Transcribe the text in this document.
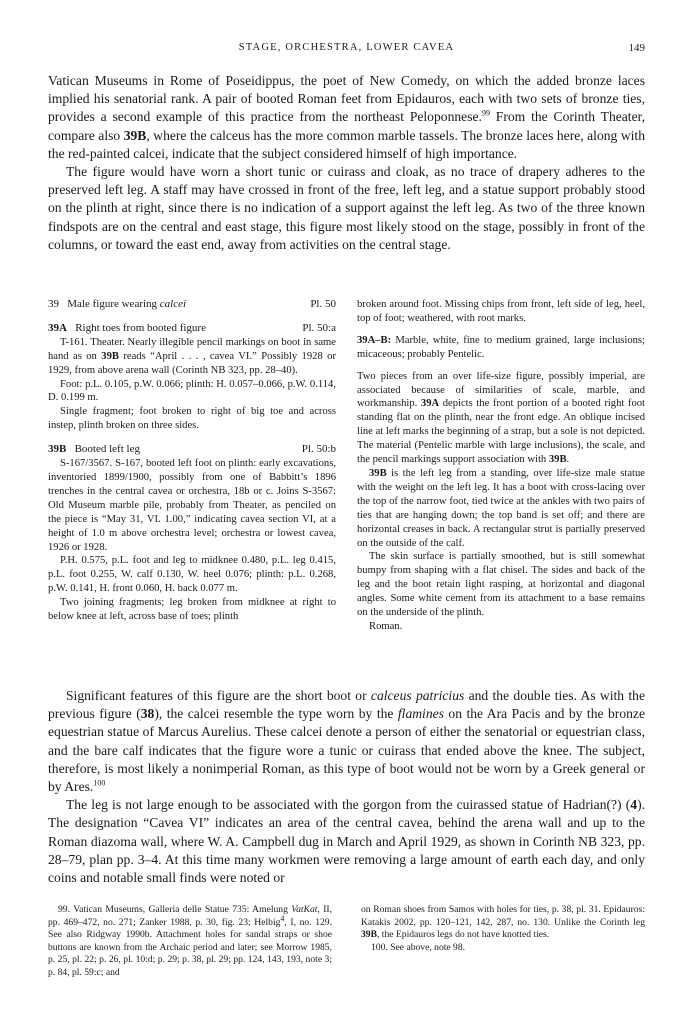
STAGE, ORCHESTRA, LOWER CAVEA	149

Vatican Museums in Rome of Poseidippus, the poet of New Comedy, on which the added bronze laces implied his senatorial rank. A pair of booted Roman feet from Epidauros, each with two sets of bronze ties, provides a second example of this practice from the northeast Peloponnese.$^{99}$ From the Corinth Theater, compare also 39B, where the calceus has the more common marble tassels. The bronze laces here, along with the red-painted calcei, indicate that the subject considered himself of high importance.

The figure would have worn a short tunic or cuirass and cloak, as no trace of drapery adheres to the preserved left leg. A staff may have crossed in front of the free, left leg, and a statue support probably stood on the plinth at right, since there is no indication of a support against the left leg. As two of the three known findspots are on the central and east stage, this figure most likely stood on the stage, possibly in front of the columns, or toward the east end, away from activities on the central stage.

39 Male figure wearing calcei	Pl. 50
39A Right toes from booted figure	Pl. 50:a

T-161. Theater. Nearly illegible pencil markings on boot in same hand as on 39B reads “April . . . , cavea VI.” Possibly 1928 or 1929, from above arena wall (Corinth NB 323, pp. 28–40).

Foot: p.L. 0.105, p.W. 0.066; plinth: H. 0.057–0.066, p.W. 0.114, D. 0.199 m.

Single fragment; foot broken to right of big toe and across instep, plinth broken on three sides.

39B Booted left leg	Pl. 50:b

S-167/3567. S-167, booted left foot on plinth: early excavations, inventoried 1899/1900, possibly from one of Babbitt’s 1896 trenches in the central cavea or orchestra, 18b or c. Joins S-3567: Old Museum marble pile, probably from Theater, as penciled on the piece is “May 31, VI. 1.00,” indicating cavea section VI, at a height of 1.0 m above orchestra level; orchestra or lowest cavea, 1926 or 1928.

P.H. 0.575, p.L. foot and leg to midknee 0.480, p.L. leg 0.415, p.L. foot 0.255, W. calf 0.130, W. heel 0.076; plinth: p.L. 0.268, p.W. 0.141, H. front 0.060, H. back 0.077 m.

Two joining fragments; leg broken from midknee at right to below knee at left, across base of toes; plinth

broken around foot. Missing chips from front, left side of leg, heel, top of foot; weathered, with root marks.

39A–B: Marble, white, fine to medium grained, large inclusions; micaceous; probably Pentelic.

Two pieces from an over life-size figure, possibly imperial, are associated because of similarities of scale, marble, and workmanship. 39A depicts the front portion of a booted right foot standing flat on the plinth, near the front edge. An oblique incised line at left marks the beginning of a strap, but a sole is not depicted. The material (Pentelic marble with large inclusions), the scale, and the pencil markings support association with 39B.

39B is the left leg from a standing, over life-size male statue with the weight on the left leg. It has a boot with cross-lacing over the top of the narrow foot, tied twice at the ankles with two pairs of ties that are hanging down; the top band is set off; and there are horizontal creases in back. A rectangular strut is partially preserved on the outside of the calf.

The skin surface is partially smoothed, but is still somewhat bumpy from shaping with a flat chisel. The sides and back of the leg and the boot retain light rasping, at horizontal and diagonal angles. Some white cement from its attachment to a base remains on the underside of the plinth.

Roman.

Significant features of this figure are the short boot or calceus patricius and the double ties. As with the previous figure (38), the calcei resemble the type worn by the flamines on the Ara Pacis and by the bronze equestrian statue of Marcus Aurelius. These calcei denote a person of either the senatorial or equestrian class, and the bare calf indicates that the figure wore a tunic or cuirass that ended above the knee. The subject, therefore, is most likely a nonimperial Roman, as this type of boot would not be worn by a Greek general or by Ares.$^{100}$

The leg is not large enough to be associated with the gorgon from the cuirassed statue of Hadrian(?) (4). The designation “Cavea VI” indicates an area of the central cavea, behind the arena wall and up to the Roman diazoma wall, where W. A. Campbell dug in March and April 1929, as shown in Corinth NB 323, pp. 28–79, plan pp. 3–4. At this time many workmen were removing a large amount of earth each day, and only coins and notable small finds were noted or

99. Vatican Museums, Galleria delle Statue 735: Amelung VatKat, II, pp. 469–472, no. 271; Zanker 1988, p. 30, fig. 23; Helbig$^4$, I, no. 129. See also Ridgway 1990b. Attachment holes for sandal straps or shoe buttons are known from the Archaic period and later; see Morrow 1985, p. 25, pl. 22; p. 26, pl. 10:d; p. 29; p. 38, pl. 29; pp. 124, 143, 193, note 3; p. 84, pl. 59:c; and

on Roman shoes from Samos with holes for ties, p. 38, pl. 31. Epidauros: Katakis 2002, pp. 120–121, 142, 287, no. 130. Unlike the Corinth leg 39B, the Epidauros legs do not have knotted ties.

100. See above, note 98.
